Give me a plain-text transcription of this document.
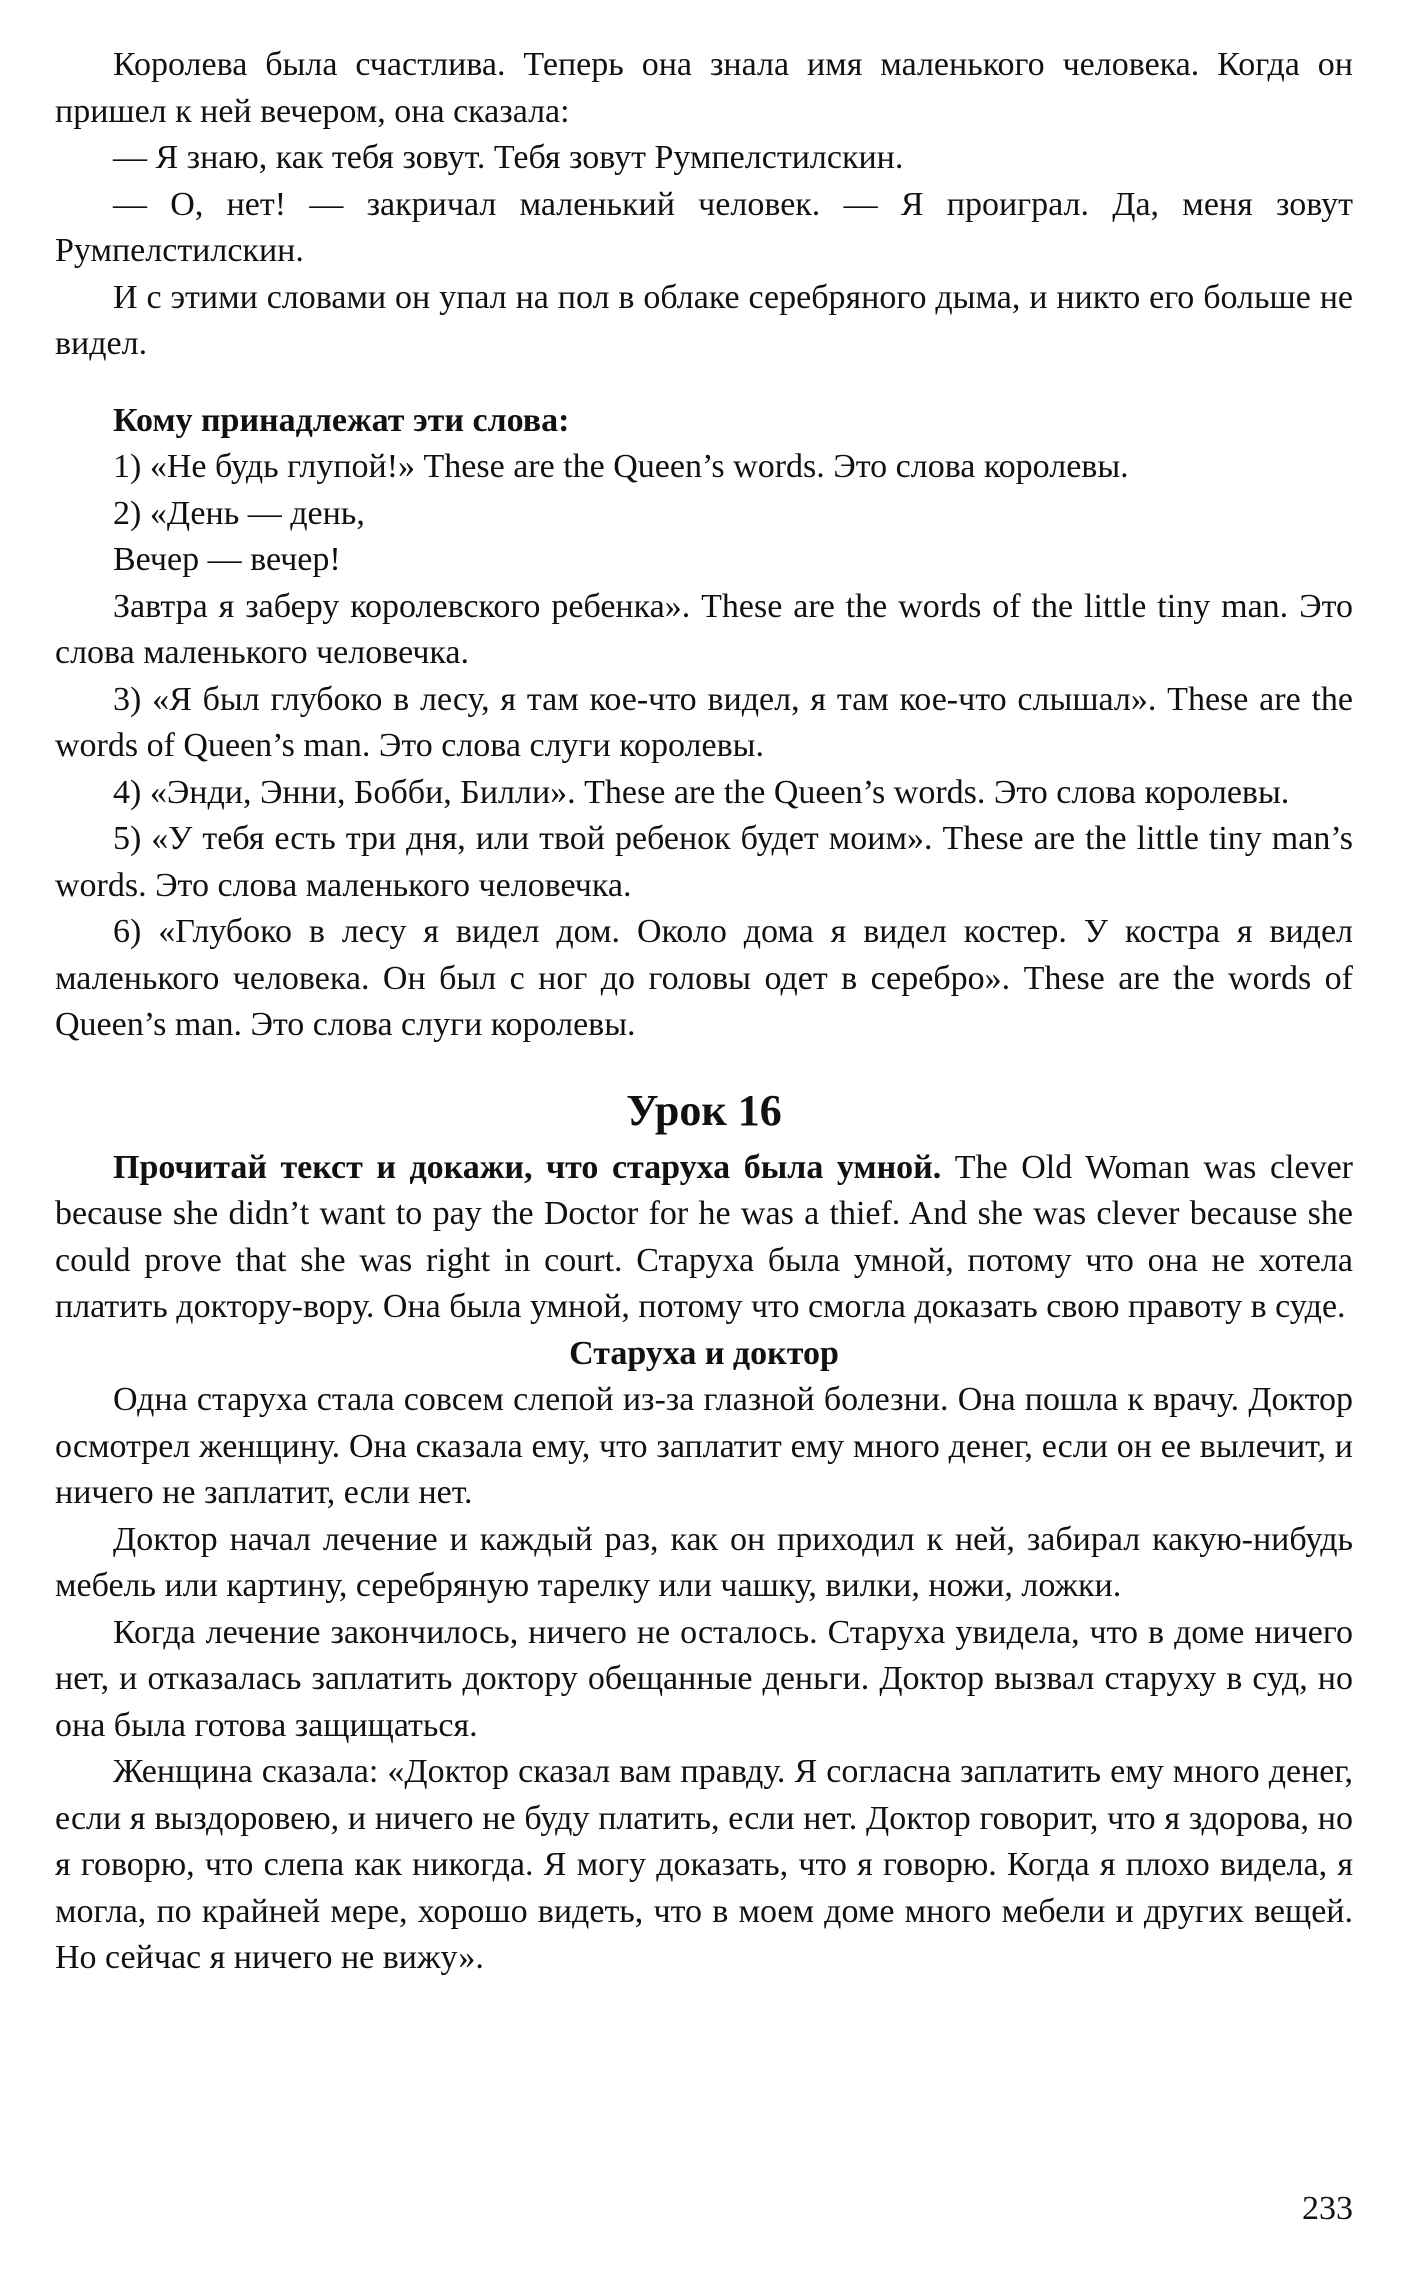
Королева была счастлива. Теперь она знала имя маленького человека. Когда он пришел к ней вечером, она сказала:

— Я знаю, как тебя зовут. Тебя зовут Румпелстилскин.

— О, нет! — закричал маленький человек. — Я проиграл. Да, меня зовут Румпелстилскин.

И с этими словами он упал на пол в облаке серебряного дыма, и никто его больше не видел.

Кому принадлежат эти слова:

1) «Не будь глупой!» These are the Queen’s words. Это слова королевы.

2) «День — день,

Вечер — вечер!

Завтра я заберу королевского ребенка». These are the words of the little tiny man. Это слова маленького человечка.

3) «Я был глубоко в лесу, я там кое-что видел, я там кое-что слышал». These are the words of Queen’s man. Это слова слуги королевы.

4) «Энди, Энни, Бобби, Билли». These are the Queen’s words. Это слова королевы.

5) «У тебя есть три дня, или твой ребенок будет моим». These are the little tiny man’s words. Это слова маленького человечка.

6) «Глубоко в лесу я видел дом. Около дома я видел костер. У костра я видел маленького человека. Он был с ног до головы одет в серебро». These are the words of Queen’s man. Это слова слуги королевы.

Урок 16

Прочитай текст и докажи, что старуха была умной. The Old Woman was clever because she didn’t want to pay the Doctor for he was a thief. And she was clever because she could prove that she was right in court. Старуха была умной, потому что она не хотела платить доктору-вору. Она была умной, потому что смогла доказать свою правоту в суде.

Старуха и доктор

Одна старуха стала совсем слепой из-за глазной болезни. Она пошла к врачу. Доктор осмотрел женщину. Она сказала ему, что заплатит ему много денег, если он ее вылечит, и ничего не заплатит, если нет.

Доктор начал лечение и каждый раз, как он приходил к ней, забирал какую-нибудь мебель или картину, серебряную тарелку или чашку, вилки, ножи, ложки.

Когда лечение закончилось, ничего не осталось. Старуха увидела, что в доме ничего нет, и отказалась заплатить доктору обещанные деньги. Доктор вызвал старуху в суд, но она была готова защищаться.

Женщина сказала: «Доктор сказал вам правду. Я согласна заплатить ему много денег, если я выздоровею, и ничего не буду платить, если нет. Доктор говорит, что я здорова, но я говорю, что слепа как никогда. Я могу доказать, что я говорю. Когда я плохо видела, я могла, по крайней мере, хорошо видеть, что в моем доме много мебели и других вещей. Но сейчас я ничего не вижу».

233
